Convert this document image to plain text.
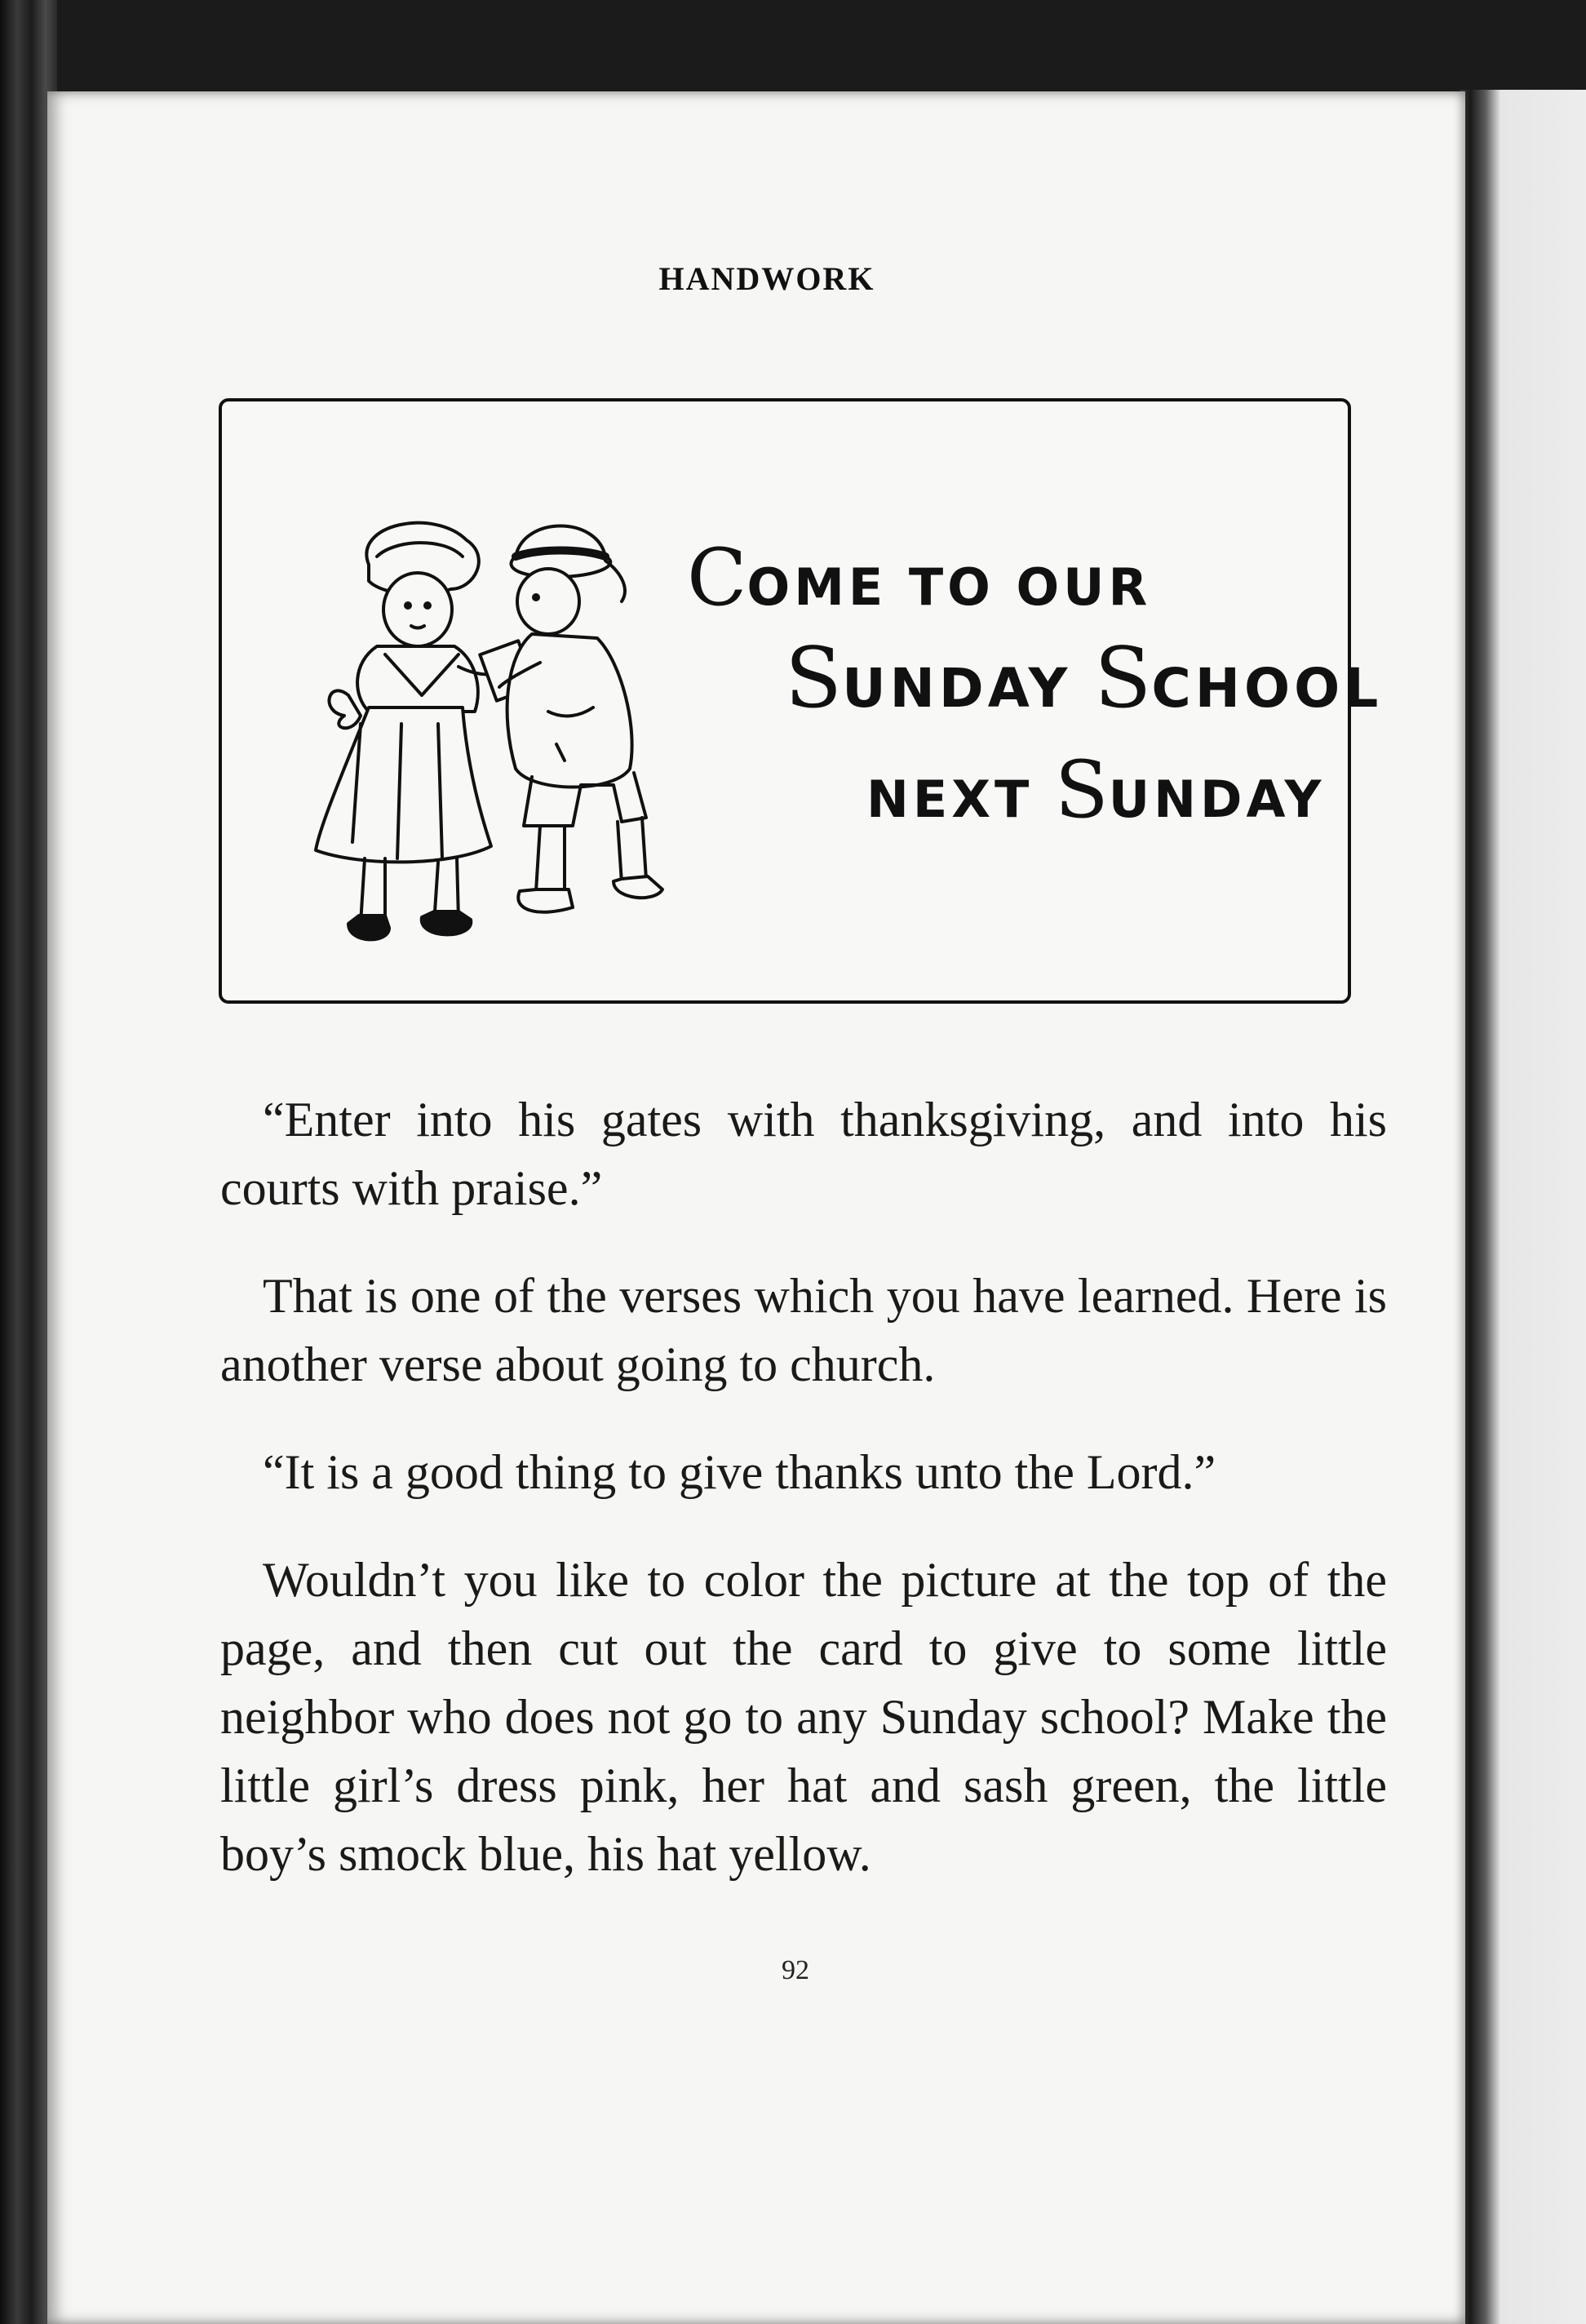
HANDWORK
COME TO OUR
SUNDAY SCHOOL
NEXT SUNDAY

“Enter into his gates with thanksgiving, and into his courts with praise.”

That is one of the verses which you have learned. Here is another verse about going to church.

“It is a good thing to give thanks unto the Lord.”

Wouldn’t you like to color the picture at the top of the page, and then cut out the card to give to some little neighbor who does not go to any Sunday school? Make the little girl’s dress pink, her hat and sash green, the little boy’s smock blue, his hat yellow.

92
